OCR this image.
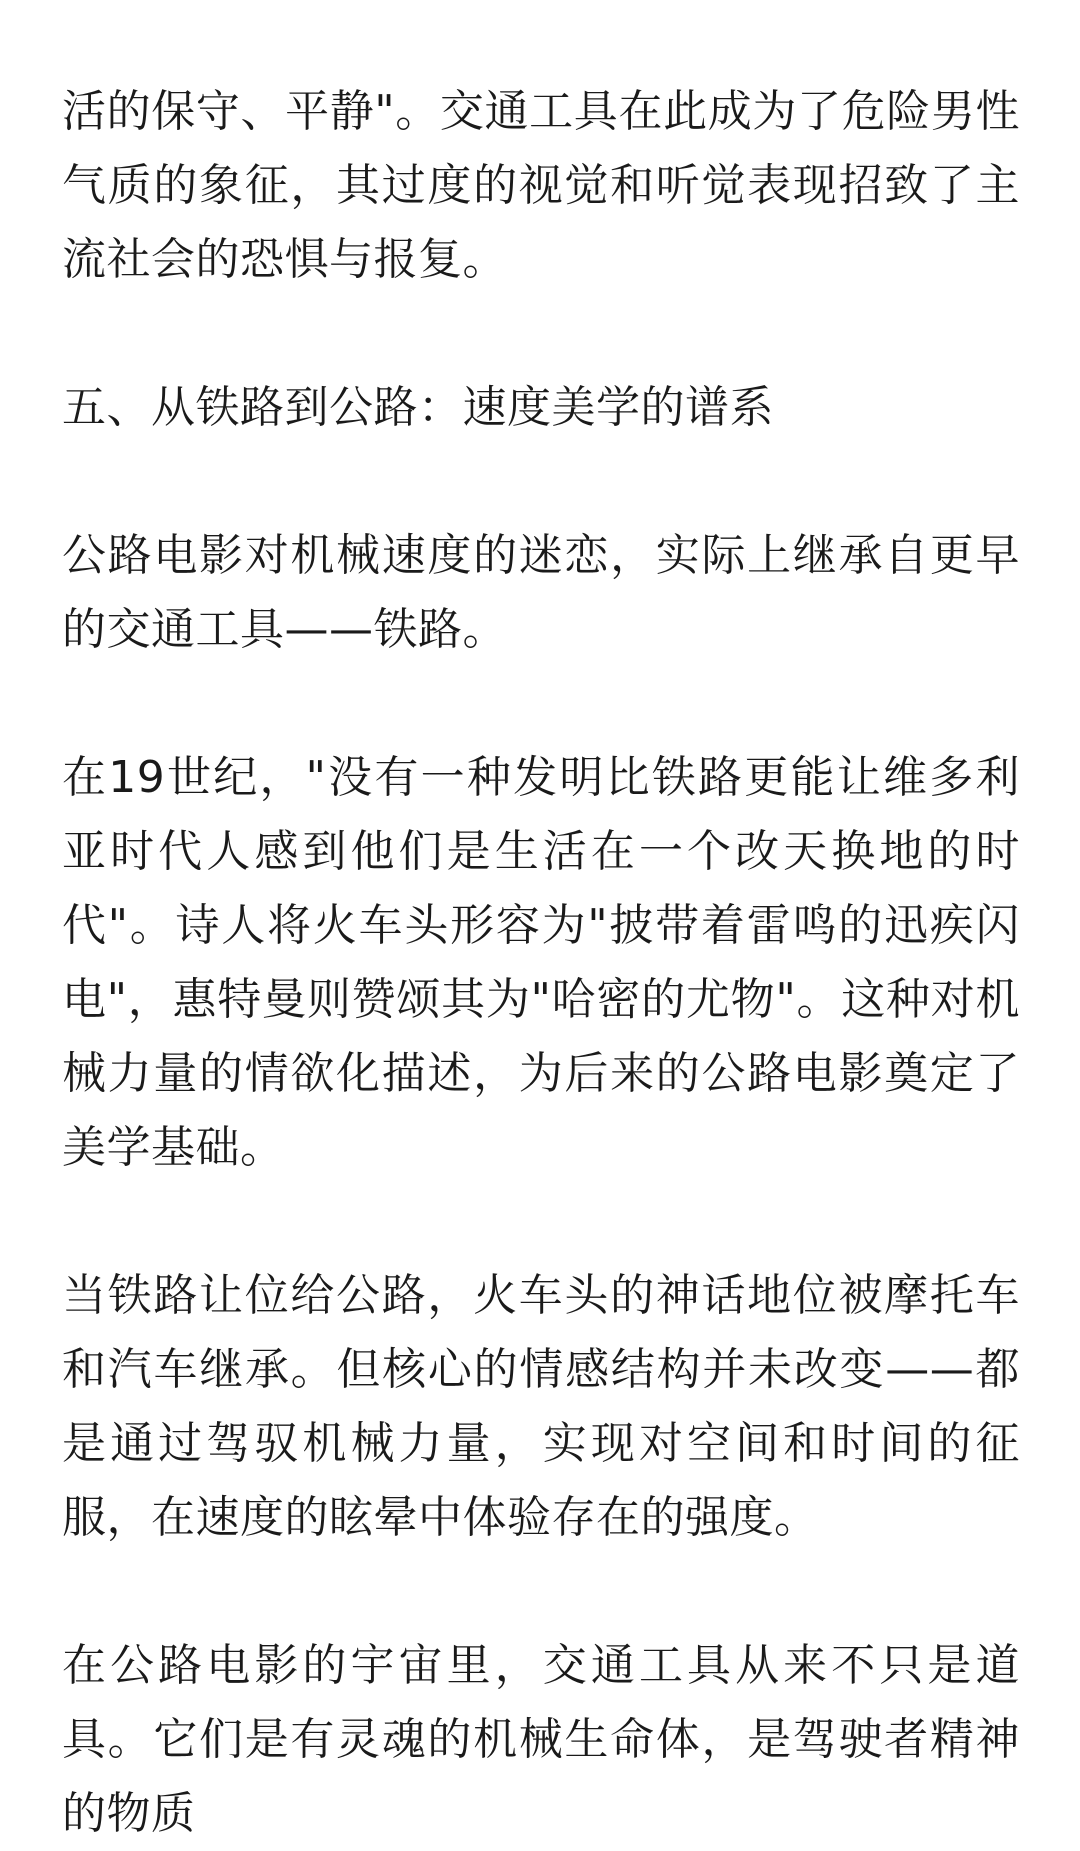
活的保守、平静"。交通工具在此成为了危险男性气质的象征，其过度的视觉和听觉表现招致了主流社会的恐惧与报复。

五、从铁路到公路：速度美学的谱系

公路电影对机械速度的迷恋，实际上继承自更早的交通工具——铁路。

在19世纪，"没有一种发明比铁路更能让维多利亚时代人感到他们是生活在一个改天换地的时代"。诗人将火车头形容为"披带着雷鸣的迅疾闪电"，惠特曼则赞颂其为"哈密的尤物"。这种对机械力量的情欲化描述，为后来的公路电影奠定了美学基础。

当铁路让位给公路，火车头的神话地位被摩托车和汽车继承。但核心的情感结构并未改变——都是通过驾驭机械力量，实现对空间和时间的征服，在速度的眩晕中体验存在的强度。

在公路电影的宇宙里，交通工具从来不只是道具。它们是有灵魂的机械生命体，是驾驶者精神的物质
